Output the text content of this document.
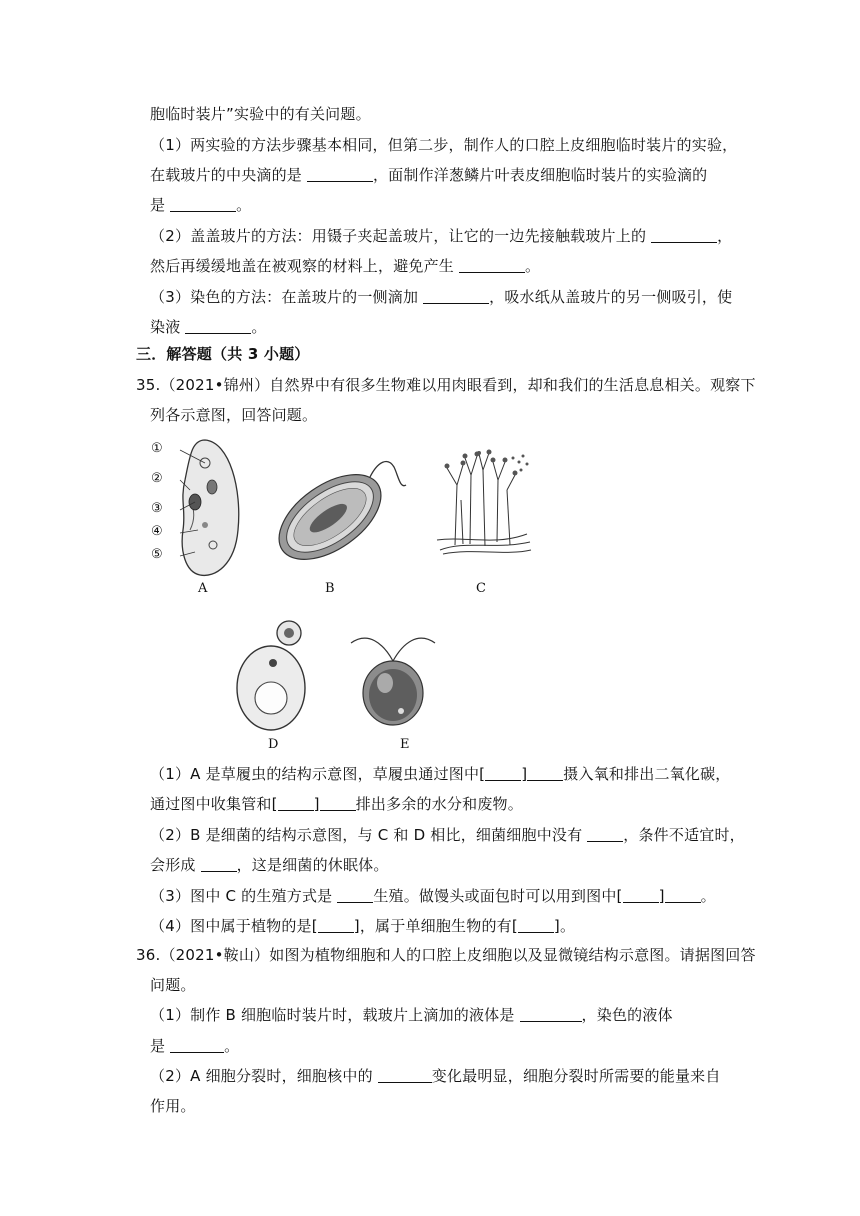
胞临时装片”实验中的有关问题。
（1）两实验的方法步骤基本相同，但第二步，制作人的口腔上皮细胞临时装片的实验，
在载玻片的中央滴的是	，面制作洋葱鳞片叶表皮细胞临时装片的实验滴的
是	。
（2）盖盖玻片的方法：用镊子夹起盖玻片，让它的一边先接触载玻片上的	，
然后再缓缓地盖在被观察的材料上，避免产生	。
（3）染色的方法：在盖玻片的一侧滴加	，吸水纸从盖玻片的另一侧吸引，使
染液	。
三．解答题（共 3 小题）
35.（2021•锦州）自然界中有很多生物难以用肉眼看到，却和我们的生活息息相关。观察下
列各示意图，回答问题。
①
②
③
④
⑤
A	B	C
D	E
（1）A 是草履虫的结构示意图，草履虫通过图中[ ] 摄入氧和排出二氧化碳，
通过图中收集管和[ ] 排出多余的水分和废物。
（2）B 是细菌的结构示意图，与 C 和 D 相比，细菌细胞中没有 ，条件不适宜时，
会形成 ，这是细菌的休眠体。
（3）图中 C 的生殖方式是 生殖。做馒头或面包时可以用到图中[ ] 。
（4）图中属于植物的是[ ]，属于单细胞生物的有[ ]。
36.（2021•鞍山）如图为植物细胞和人的口腔上皮细胞以及显微镜结构示意图。请据图回答
问题。
（1）制作 B 细胞临时装片时，载玻片上滴加的液体是	，染色的液体
是	。
（2）A 细胞分裂时，细胞核中的	变化最明显，细胞分裂时所需要的能量来自
作用。
